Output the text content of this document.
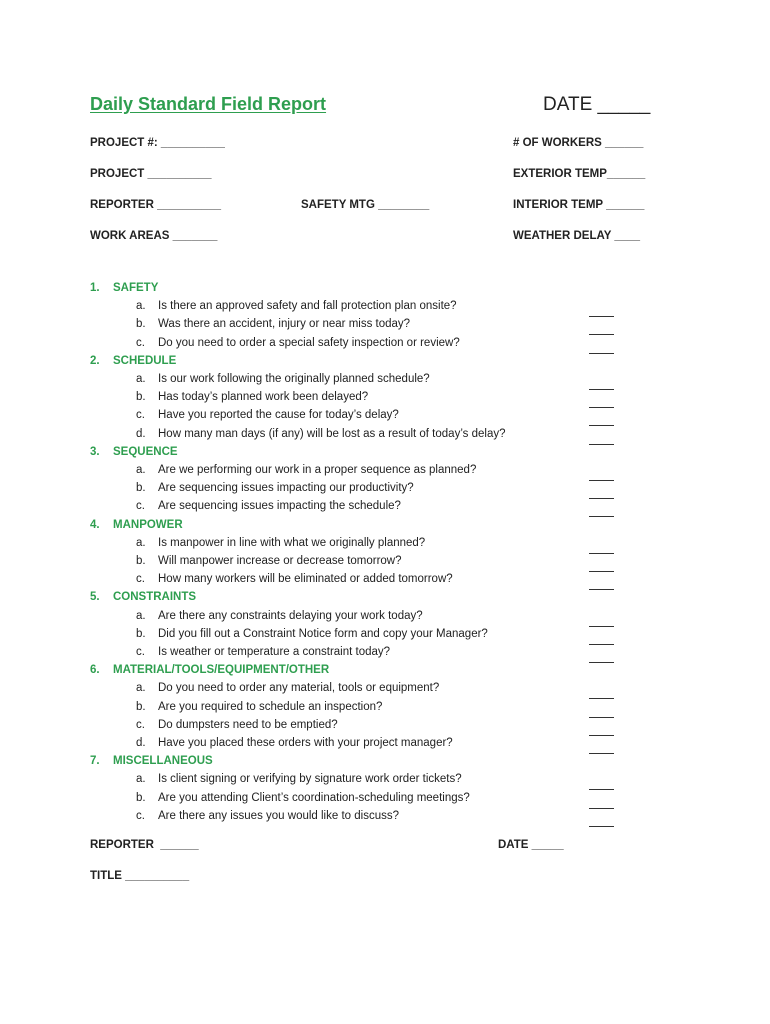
Daily Standard Field Report	DATE _____
PROJECT #: __________	# OF WORKERS ______
PROJECT __________	EXTERIOR TEMP______
REPORTER __________	SAFETY MTG ________	INTERIOR TEMP ______
WORK AREAS _______	WEATHER DELAY ____
1. SAFETY
a. Is there an approved safety and fall protection plan onsite?
b. Was there an accident, injury or near miss today?
c. Do you need to order a special safety inspection or review?
2. SCHEDULE
a. Is our work following the originally planned schedule?
b. Has today’s planned work been delayed?
c. Have you reported the cause for today’s delay?
d. How many man days (if any) will be lost as a result of today’s delay?
3. SEQUENCE
a. Are we performing our work in a proper sequence as planned?
b. Are sequencing issues impacting our productivity?
c. Are sequencing issues impacting the schedule?
4. MANPOWER
a. Is manpower in line with what we originally planned?
b. Will manpower increase or decrease tomorrow?
c. How many workers will be eliminated or added tomorrow?
5. CONSTRAINTS
a. Are there any constraints delaying your work today?
b. Did you fill out a Constraint Notice form and copy your Manager?
c. Is weather or temperature a constraint today?
6. MATERIAL/TOOLS/EQUIPMENT/OTHER
a. Do you need to order any material, tools or equipment?
b. Are you required to schedule an inspection?
c. Do dumpsters need to be emptied?
d. Have you placed these orders with your project manager?
7. MISCELLANEOUS
a. Is client signing or verifying by signature work order tickets?
b. Are you attending Client’s coordination-scheduling meetings?
c. Are there any issues you would like to discuss?
REPORTER  ______	DATE _____
TITLE __________
